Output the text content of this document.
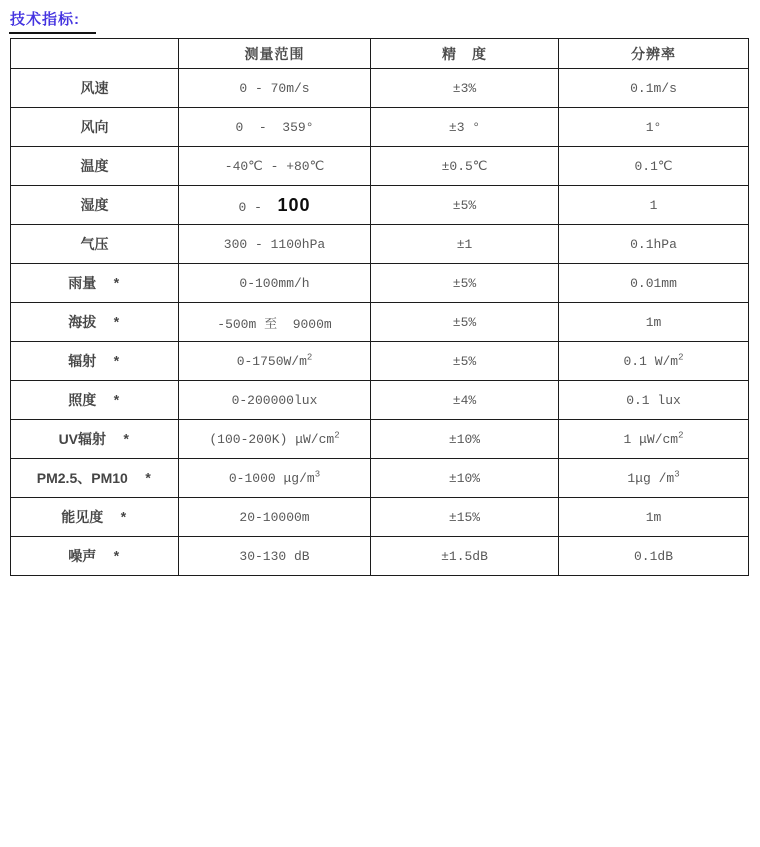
技术指标:
	测量范围	精　度	分辨率
风速	0 - 70m/s	±3%	0.1m/s
风向	0  -  359°	±3 °	1°
温度	-40℃ - +80℃	±0.5℃	0.1℃
湿度	0 -  100	±5%	1
气压	300 - 1100hPa	±1	0.1hPa
雨量 *	0-100mm/h	±5%	0.01mm
海拔 *	-500m 至  9000m	±5%	1m
辐射 *	$0-1750W/m^2$	±5%	0.1 $W/m^2$
照度 *	0-200000lux	±4%	0.1 lux
UV辐射 *	(100-200K) $\mu W/cm^2$	±10%	1 $\mu W/cm^2$
PM2.5、PM10 *	0-1000 $\mu g/m^3$	±10%	1μg $/m^3$
能见度 *	20-10000m	±15%	1m
噪声 *	30-130 dB	±1.5dB	0.1dB
